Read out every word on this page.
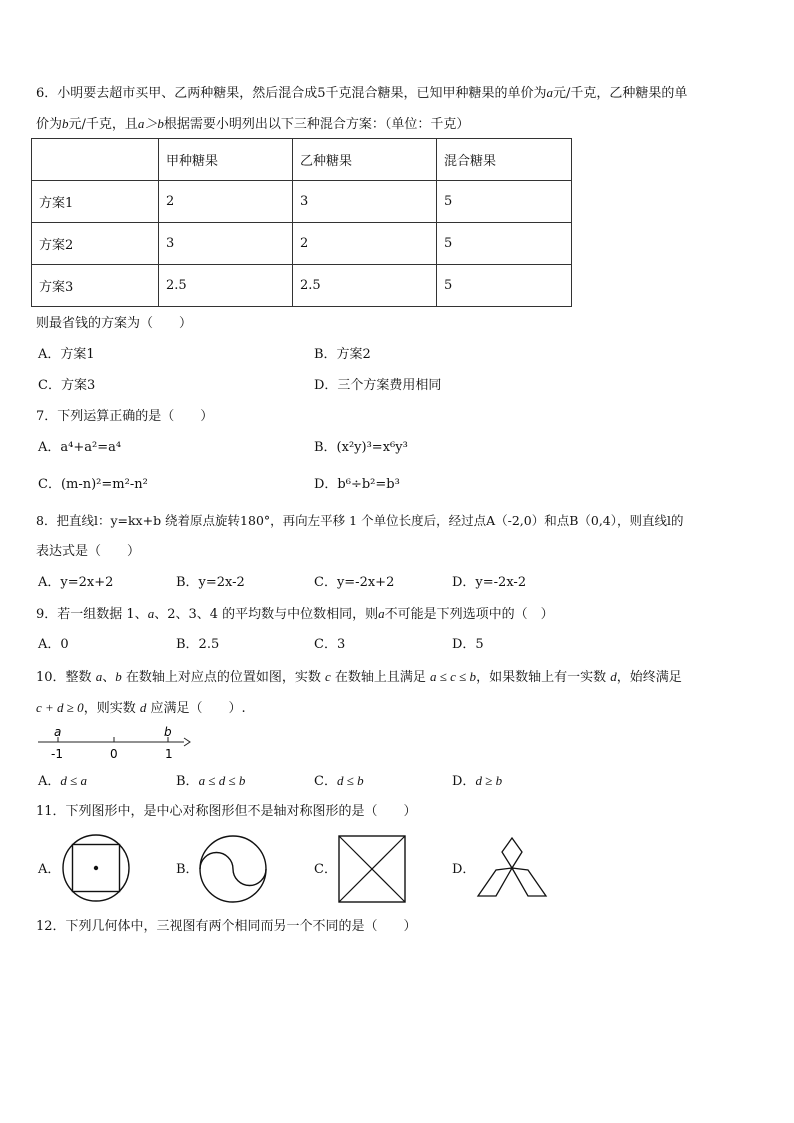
6．小明要去超市买甲、乙两种糖果，然后混合成5千克混合糖果，已知甲种糖果的单价为a元/千克，乙种糖果的单
价为b元/千克，且a＞b根据需要小明列出以下三种混合方案：（单位：千克）
	甲种糖果	乙种糖果	混合糖果
方案1	2	3	5
方案2	3	2	5
方案3	2.5	2.5	5
则最省钱的方案为（　　）
A．方案1	B．方案2
C．方案3	D．三个方案费用相同
7．下列运算正确的是（　　）
A．a⁴+a²=a⁴	B．(x²y)³=x⁶y³
C．(m-n)²=m²-n²	D．b⁶÷b²=b³
8．把直线l：y=kx+b 绕着原点旋转180°，再向左平移 1 个单位长度后，经过点A（-2,0）和点B（0,4），则直线l的
表达式是（　　）
A．y=2x+2	B．y=2x-2	C．y=-2x+2	D．y=-2x-2
9．若一组数据 1、a、2、3、4 的平均数与中位数相同，则a不可能是下列选项中的（　）
A．0	B．2.5	C．3	D．5
10．整数 a、b 在数轴上对应点的位置如图，实数 c 在数轴上且满足 a ≤ c ≤ b，如果数轴上有一实数 d，始终满足
c + d ≥ 0，则实数 d 应满足（　　）.
a	b
-1	0	1
A．d ≤ a	B．a ≤ d ≤ b	C．d ≤ b	D．d ≥ b
11．下列图形中，是中心对称图形但不是轴对称图形的是（　　）
A．	B．	C．	D．
12．下列几何体中，三视图有两个相同而另一个不同的是（　　）
